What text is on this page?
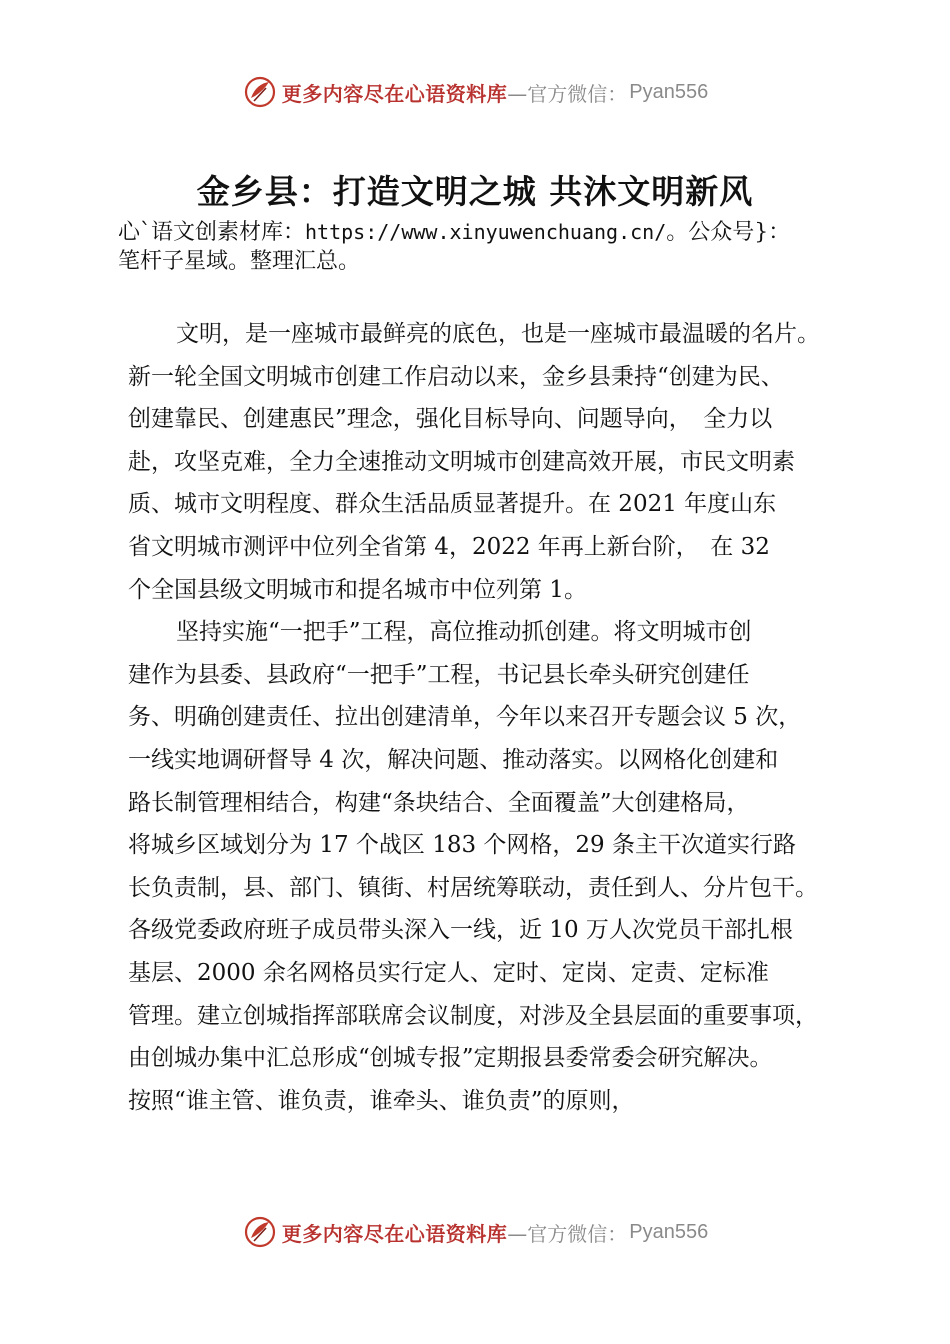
更多内容尽在心语资料库 —官方微信： Pyan556
金乡县：打造文明之城 共沐文明新风
心`语文创素材库：https://www.xinyuwenchuang.cn/。公众号}：
笔杆子星域。整理汇总。

文明，是一座城市最鲜亮的底色，也是一座城市最温暖的名片。
新一轮全国文明城市创建工作启动以来，金乡县秉持“创建为民、
创建靠民、创建惠民”理念，强化目标导向、问题导向，　全力以
赴，攻坚克难，全力全速推动文明城市创建高效开展，市民文明素
质、城市文明程度、群众生活品质显著提升。在 2021 年度山东
省文明城市测评中位列全省第 4，2022 年再上新台阶，　在 32
个全国县级文明城市和提名城市中位列第 1。

坚持实施“一把手”工程，高位推动抓创建。将文明城市创
建作为县委、县政府“一把手”工程，书记县长牵头研究创建任
务、明确创建责任、拉出创建清单，今年以来召开专题会议 5 次，
一线实地调研督导 4 次，解决问题、推动落实。以网格化创建和
路长制管理相结合，构建“条块结合、全面覆盖”大创建格局，
将城乡区域划分为 17 个战区 183 个网格，29 条主干次道实行路
长负责制，县、部门、镇街、村居统筹联动，责任到人、分片包干。
各级党委政府班子成员带头深入一线，近 10 万人次党员干部扎根
基层、2000 余名网格员实行定人、定时、定岗、定责、定标准
管理。建立创城指挥部联席会议制度，对涉及全县层面的重要事项，
由创城办集中汇总形成“创城专报”定期报县委常委会研究解决。
按照“谁主管、谁负责，谁牵头、谁负责”的原则，

更多内容尽在心语资料库 —官方微信： Pyan556
